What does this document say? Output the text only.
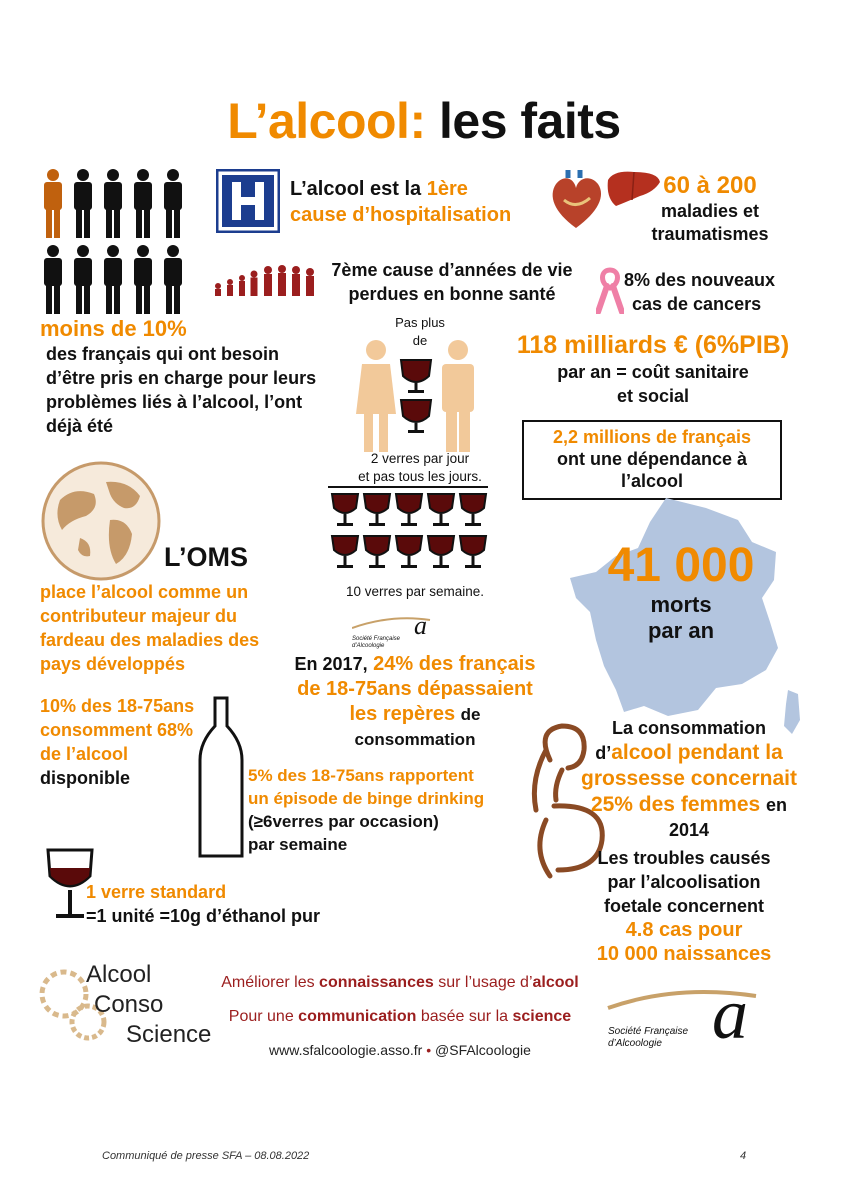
L’alcool: les faits
L’alcool est la 1ère
cause d’hospitalisation
60 à 200
maladies et
traumatismes
7ème cause d’années de vie
perdues en bonne santé
8% des nouveaux
cas de cancers
moins de 10%
des français qui ont besoin
d’être pris en charge pour leurs
problèmes liés à l’alcool, l’ont
déjà été
Pas plus
de
2 verres par jour
et pas tous les jours.
10 verres par semaine.
a
Société Française
d’Alcoologie
118 milliards € (6%PIB)
par an = coût sanitaire
et social
2,2 millions de français
ont une dépendance à
l’alcool
L’OMS
place l’alcool comme un
contributeur majeur du
fardeau des maladies des
pays développés
41 000
morts
par an
En 2017, 24% des français
de 18-75ans dépassaient
les repères de
consommation
10% des 18-75ans
consomment 68%
de l’alcool
disponible	5% des 18-75ans rapportent
un épisode de binge drinking
(≥6verres par occasion)
par semaine
La consommation
d’alcool pendant la
grossesse concernait
25% des femmes en
2014
Les troubles causés
par l’alcoolisation
foetale concernent
4.8 cas pour
10 000 naissances
1 verre standard
=1 unité =10g d’éthanol pur
Alcool
Conso
Science
Améliorer les connaissances sur l’usage d’alcool
Pour une communication basée sur la science
www.sfalcoologie.asso.fr • @SFAlcoologie	a
Société Française
d’Alcoologie
Communiqué de presse SFA – 08.08.2022	4
